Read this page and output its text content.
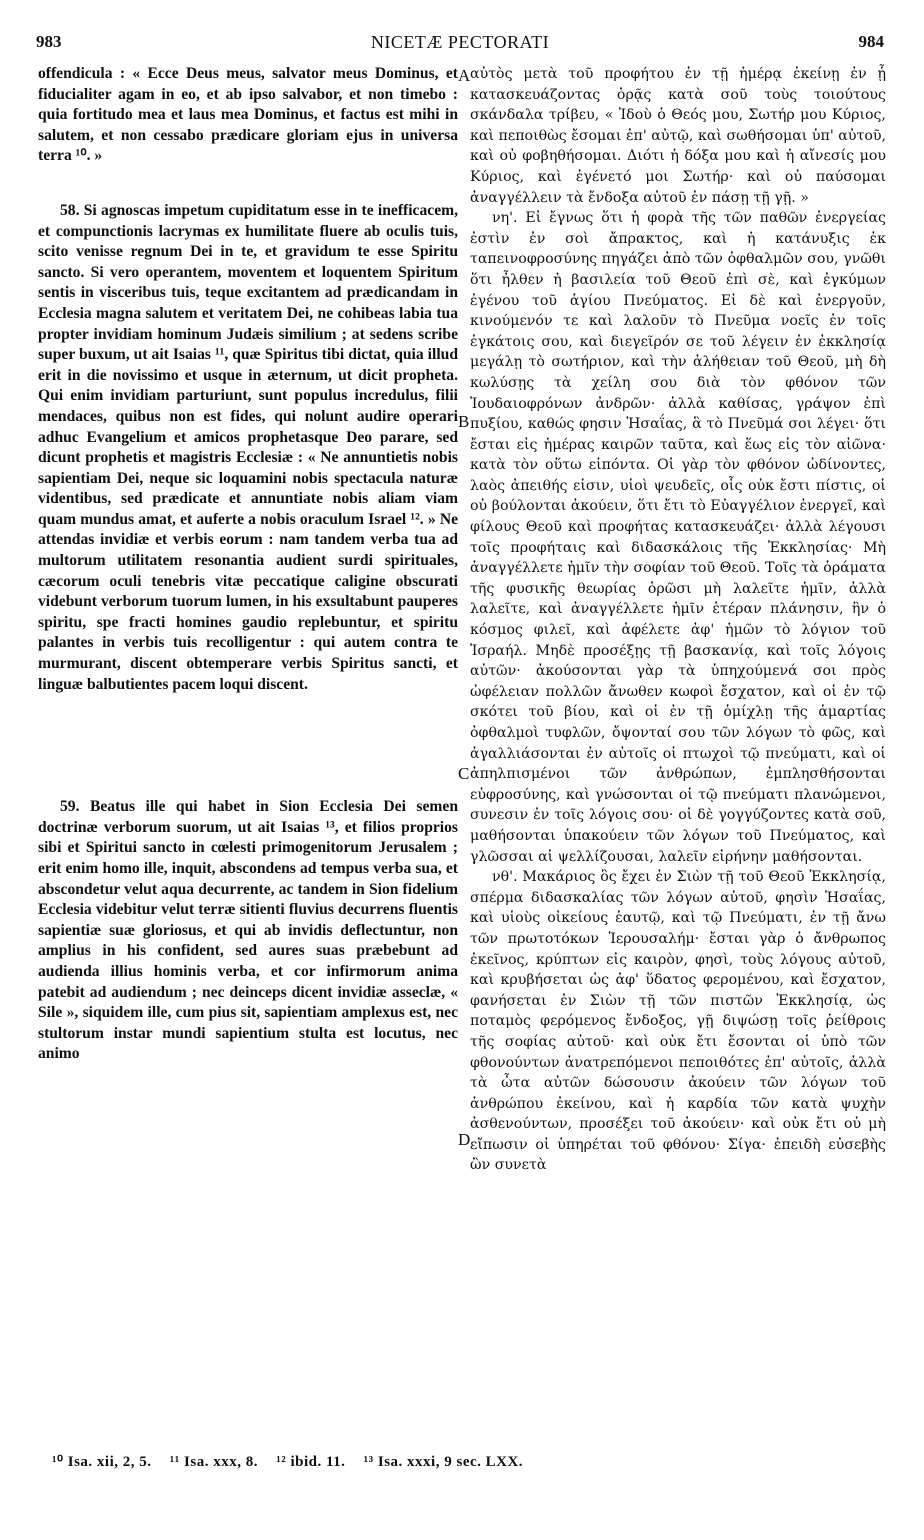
983	NICETÆ PECTORATI	984

offendicula : « Ecce Deus meus, salvator meus Dominus, et fiducialiter agam in eo, et ab ipso salvabor, et non timebo : quia fortitudo mea et laus mea Dominus, et factus est mihi in salutem, et non cessabo prædicare gloriam ejus in universa terra ¹⁰. »

58. Si agnoscas impetum cupiditatum esse in te inefficacem, et compunctionis lacrymas ex humilitate fluere ab oculis tuis, scito venisse regnum Dei in te, et gravidum te esse Spiritu sancto. Si vero operantem, moventem et loquentem Spiritum sentis in visceribus tuis, teque excitantem ad prædicandam in Ecclesia magna salutem et veritatem Dei, ne cohibeas labia tua propter invidiam hominum Judæis similium ; at sedens scribe super buxum, ut ait Isaias ¹¹, quæ Spiritus tibi dictat, quia illud erit in die novissimo et usque in æternum, ut dicit propheta. Qui enim invidiam parturiunt, sunt populus incredulus, filii mendaces, quibus non est fides, qui nolunt audire operari adhuc Evangelium et amicos prophetasque Deo parare, sed dicunt prophetis et magistris Ecclesiæ : « Ne annuntietis nobis sapientiam Dei, neque sic loquamini nobis spectacula naturæ videntibus, sed prædicate et annuntiate nobis aliam viam quam mundus amat, et auferte a nobis oraculum Israel ¹². » Ne attendas invidiæ et verbis eorum : nam tandem verba tua ad multorum utilitatem resonantia audient surdi spirituales, cæcorum oculi tenebris vitæ peccatique caligine obscurati videbunt verborum tuorum lumen, in his exsultabunt pauperes spiritu, spe fracti homines gaudio replebuntur, et spiritu palantes in verbis tuis recolligentur : qui autem contra te murmurant, discent obtemperare verbis Spiritus sancti, et linguæ balbutientes pacem loqui discent.

59. Beatus ille qui habet in Sion Ecclesia Dei semen doctrinæ verborum suorum, ut ait Isaias ¹³, et filios proprios sibi et Spiritui sancto in cœlesti primogenitorum Jerusalem ; erit enim homo ille, inquit, abscondens ad tempus verba sua, et abscondetur velut aqua decurrente, ac tandem in Sion fidelium Ecclesia videbitur velut terræ sitienti fluvius decurrens fluentis sapientiæ suæ gloriosus, et qui ab invidis deflectuntur, non amplius in his confident, sed aures suas præbebunt ad audienda illius hominis verba, et cor infirmorum anima patebit ad audiendum ; nec deinceps dicent invidiæ asseclæ, « Sile », siquidem ille, cum pius sit, sapientiam amplexus est, nec stultorum instar mundi sapientium stulta est locutus, nec animo

A
B
C
D

αὐτὸς μετὰ τοῦ προφήτου ἐν τῇ ἡμέρᾳ ἐκείνῃ ἐν ᾗ κατασκευάζοντας ὁρᾷς κατὰ σοῦ τοὺς τοιούτους σκάνδαλα τρίβευ, « Ἰδοὺ ὁ Θεός μου, Σωτήρ μου Κύριος, καὶ πεποιθὼς ἔσομαι ἐπ' αὐτῷ, καὶ σωθήσομαι ὑπ' αὐτοῦ, καὶ οὐ φοβηθήσομαι. Διότι ἡ δόξα μου καὶ ἡ αἴνεσίς μου Κύριος, καὶ ἐγένετό μοι Σωτήρ· καὶ οὐ παύσομαι ἀναγγέλλειν τὰ ἔνδοξα αὐτοῦ ἐν πάσῃ τῇ γῇ. »

νη'. Εἰ ἔγνως ὅτι ἡ φορὰ τῆς τῶν παθῶν ἐνεργείας ἐστὶν ἐν σοὶ ἄπρακτος, καὶ ἡ κατάνυξις ἐκ ταπεινοφροσύνης πηγάζει ἀπὸ τῶν ὀφθαλμῶν σου, γνῶθι ὅτι ἦλθεν ἡ βασιλεία τοῦ Θεοῦ ἐπὶ σὲ, καὶ ἐγκύμων ἐγένου τοῦ ἁγίου Πνεύματος. Εἰ δὲ καὶ ἐνεργοῦν, κινούμενόν τε καὶ λαλοῦν τὸ Πνεῦμα νοεῖς ἐν τοῖς ἐγκάτοις σου, καὶ διεγεῖρόν σε τοῦ λέγειν ἐν ἐκκλησίᾳ μεγάλῃ τὸ σωτήριον, καὶ τὴν ἀλήθειαν τοῦ Θεοῦ, μὴ δὴ κωλύσῃς τὰ χείλη σου διὰ τὸν φθόνον τῶν Ἰουδαιοφρόνων ἀνδρῶν· ἀλλὰ καθίσας, γράψον ἐπὶ πυξίου, καθώς φησιν Ἡσαΐας, ἃ τὸ Πνεῦμά σοι λέγει· ὅτι ἔσται εἰς ἡμέρας καιρῶν ταῦτα, καὶ ἕως εἰς τὸν αἰῶνα· κατὰ τὸν οὕτω εἰπόντα. Οἱ γὰρ τὸν φθόνον ὠδίνοντες, λαὸς ἀπειθής εἰσιν, υἱοὶ ψευδεῖς, οἷς οὐκ ἔστι πίστις, οἱ οὐ βούλονται ἀκούειν, ὅτι ἔτι τὸ Εὐαγγέλιον ἐνεργεῖ, καὶ φίλους Θεοῦ καὶ προφήτας κατασκευάζει· ἀλλὰ λέγουσι τοῖς προφήταις καὶ διδασκάλοις τῆς Ἐκκλησίας· Μὴ ἀναγγέλλετε ἡμῖν τὴν σοφίαν τοῦ Θεοῦ. Τοῖς τὰ ὁράματα τῆς φυσικῆς θεωρίας ὁρῶσι μὴ λαλεῖτε ἡμῖν, ἀλλὰ λαλεῖτε, καὶ ἀναγγέλλετε ἡμῖν ἑτέραν πλάνησιν, ἣν ὁ κόσμος φιλεῖ, καὶ ἀφέλετε ἀφ' ἡμῶν τὸ λόγιον τοῦ Ἰσραήλ. Μηδὲ προσέξῃς τῇ βασκανίᾳ, καὶ τοῖς λόγοις αὐτῶν· ἀκούσονται γὰρ τὰ ὑπηχούμενά σοι πρὸς ὠφέλειαν πολλῶν ἄνωθεν κωφοὶ ἔσχατον, καὶ οἱ ἐν τῷ σκότει τοῦ βίου, καὶ οἱ ἐν τῇ ὁμίχλῃ τῆς ἁμαρτίας ὀφθαλμοὶ τυφλῶν, ὄψονταί σου τῶν λόγων τὸ φῶς, καὶ ἀγαλλιάσονται ἐν αὐτοῖς οἱ πτωχοὶ τῷ πνεύματι, καὶ οἱ ἀπηλπισμένοι τῶν ἀνθρώπων, ἐμπλησθήσονται εὐφροσύνης, καὶ γνώσονται οἱ τῷ πνεύματι πλανώμενοι, συνεσιν ἐν τοῖς λόγοις σου· οἱ δὲ γογγύζοντες κατὰ σοῦ, μαθήσονται ὑπακούειν τῶν λόγων τοῦ Πνεύματος, καὶ γλῶσσαι αἱ ψελλίζουσαι, λαλεῖν εἰρήνην μαθήσονται.

νθ'. Μακάριος ὃς ἔχει ἐν Σιὼν τῇ τοῦ Θεοῦ Ἐκκλησίᾳ, σπέρμα διδασκαλίας τῶν λόγων αὐτοῦ, φησὶν Ἡσαΐας, καὶ υἱοὺς οἰκείους ἑαυτῷ, καὶ τῷ Πνεύματι, ἐν τῇ ἄνω τῶν πρωτοτόκων Ἱερουσαλήμ· ἔσται γὰρ ὁ ἄνθρωπος ἐκεῖνος, κρύπτων εἰς καιρὸν, φησὶ, τοὺς λόγους αὐτοῦ, καὶ κρυβήσεται ὡς ἀφ' ὕδατος φερομένου, καὶ ἔσχατον, φανήσεται ἐν Σιὼν τῇ τῶν πιστῶν Ἐκκλησίᾳ, ὡς ποταμὸς φερόμενος ἔνδοξος, γῇ διψώσῃ τοῖς ῥείθροις τῆς σοφίας αὐτοῦ· καὶ οὐκ ἔτι ἔσονται οἱ ὑπὸ τῶν φθονούντων ἀνατρεπόμενοι πεποιθότες ἐπ' αὐτοῖς, ἀλλὰ τὰ ὦτα αὐτῶν δώσουσιν ἀκούειν τῶν λόγων τοῦ ἀνθρώπου ἐκείνου, καὶ ἡ καρδία τῶν κατὰ ψυχὴν ἀσθενούντων, προσέξει τοῦ ἀκούειν· καὶ οὐκ ἔτι οὐ μὴ εἴπωσιν οἱ ὑπηρέται τοῦ φθόνου· Σίγα· ἐπειδὴ εὐσεβὴς ὢν συνετὰ

¹⁰ Isa. xii, 2, 5. ¹¹ Isa. xxx, 8. ¹² ibid. 11. ¹³ Isa. xxxi, 9 sec. LXX.
